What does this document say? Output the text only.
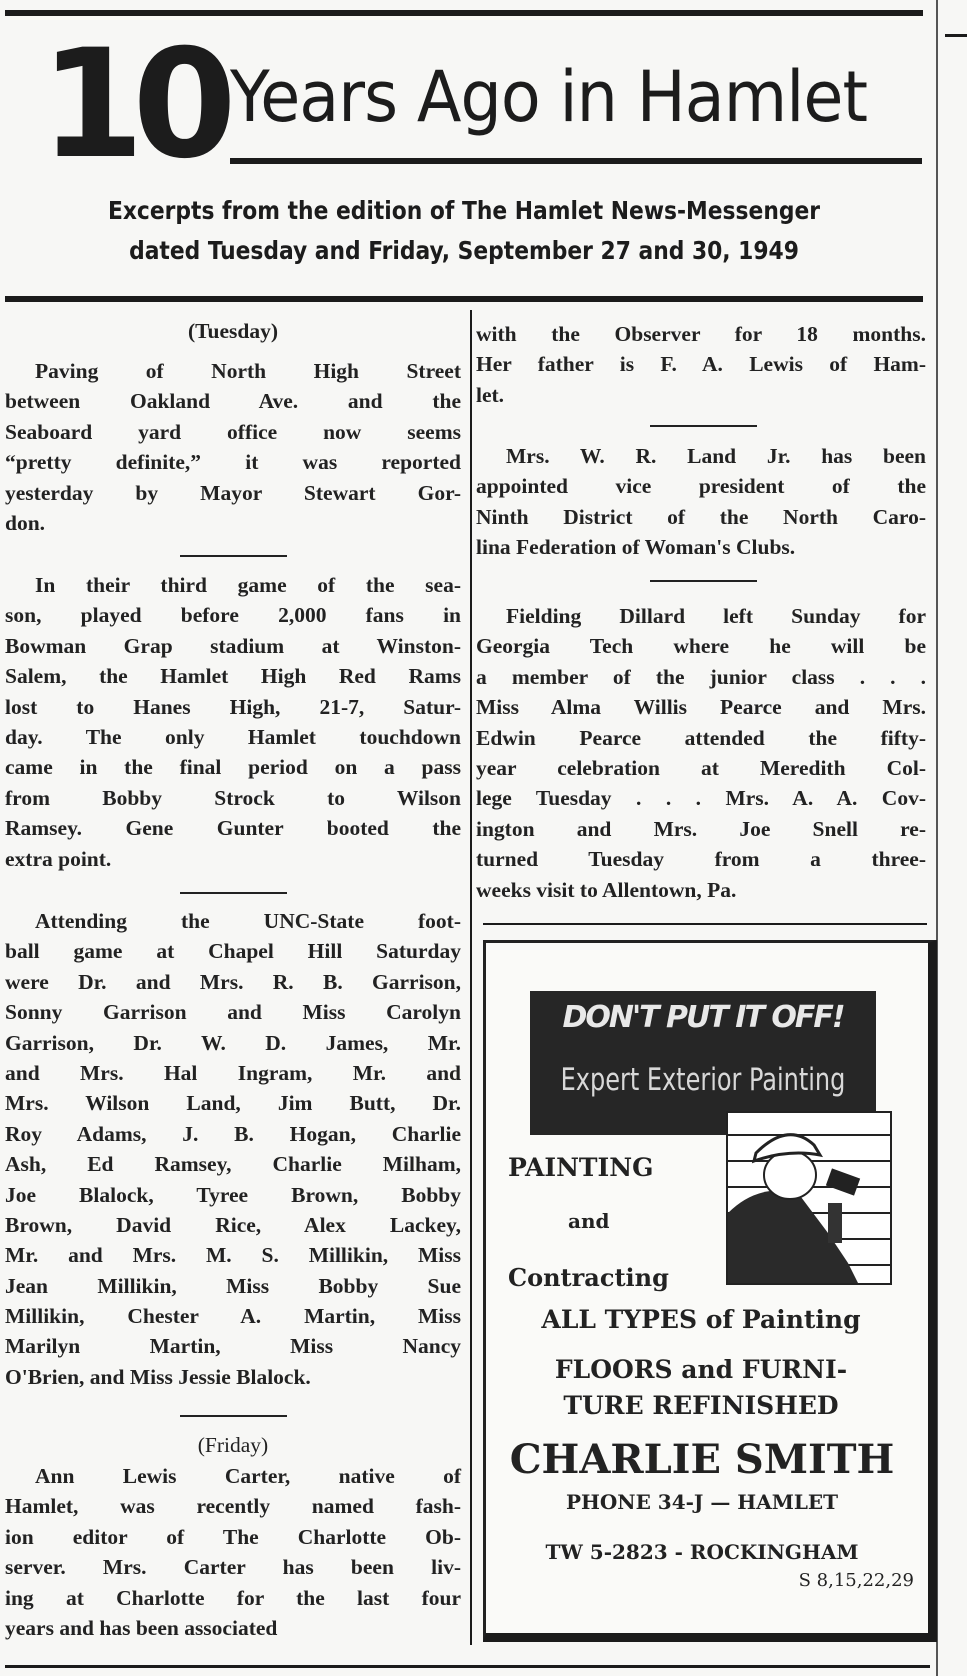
10 Years Ago in Hamlet
Excerpts from the edition of The Hamlet News-Messenger
dated Tuesday and Friday, September 27 and 30, 1949
(Tuesday)
Paving of North High Street
between Oakland Ave. and the
Seaboard yard office now seems
“pretty definite,” it was reported
yesterday by Mayor Stewart Gor-
don.
In their third game of the sea-
son, played before 2,000 fans in
Bowman Grap stadium at Winston-
Salem, the Hamlet High Red Rams
lost to Hanes High, 21-7, Satur-
day. The only Hamlet touchdown
came in the final period on a pass
from Bobby Strock to Wilson
Ramsey. Gene Gunter booted the
extra point.
Attending the UNC-State foot-
ball game at Chapel Hill Saturday
were Dr. and Mrs. R. B. Garrison,
Sonny Garrison and Miss Carolyn
Garrison, Dr. W. D. James, Mr.
and Mrs. Hal Ingram, Mr. and
Mrs. Wilson Land, Jim Butt, Dr.
Roy Adams, J. B. Hogan, Charlie
Ash, Ed Ramsey, Charlie Milham,
Joe Blalock, Tyree Brown, Bobby
Brown, David Rice, Alex Lackey,
Mr. and Mrs. M. S. Millikin, Miss
Jean Millikin, Miss Bobby Sue
Millikin, Chester A. Martin, Miss
Marilyn Martin, Miss Nancy
O'Brien, and Miss Jessie Blalock.
(Friday)
Ann Lewis Carter, native of
Hamlet, was recently named fash-
ion editor of The Charlotte Ob-
server. Mrs. Carter has been liv-
ing at Charlotte for the last four
years and has been associated
with the Observer for 18 months.
Her father is F. A. Lewis of Ham-
let.
Mrs. W. R. Land Jr. has been
appointed vice president of the
Ninth District of the North Caro-
lina Federation of Woman's Clubs.
Fielding Dillard left Sunday for
Georgia Tech where he will be
a member of the junior class . . .
Miss Alma Willis Pearce and Mrs.
Edwin Pearce attended the fifty-
year celebration at Meredith Col-
lege Tuesday . . . Mrs. A. A. Cov-
ington and Mrs. Joe Snell re-
turned Tuesday from a three-
weeks visit to Allentown, Pa.
DON'T PUT IT OFF!
Expert Exterior Painting
PAINTING
and
Contracting
ALL TYPES of Painting
FLOORS and FURNI-
TURE REFINISHED
CHARLIE SMITH
PHONE 34-J — HAMLET
TW 5-2823 - ROCKINGHAM
S 8,15,22,29
